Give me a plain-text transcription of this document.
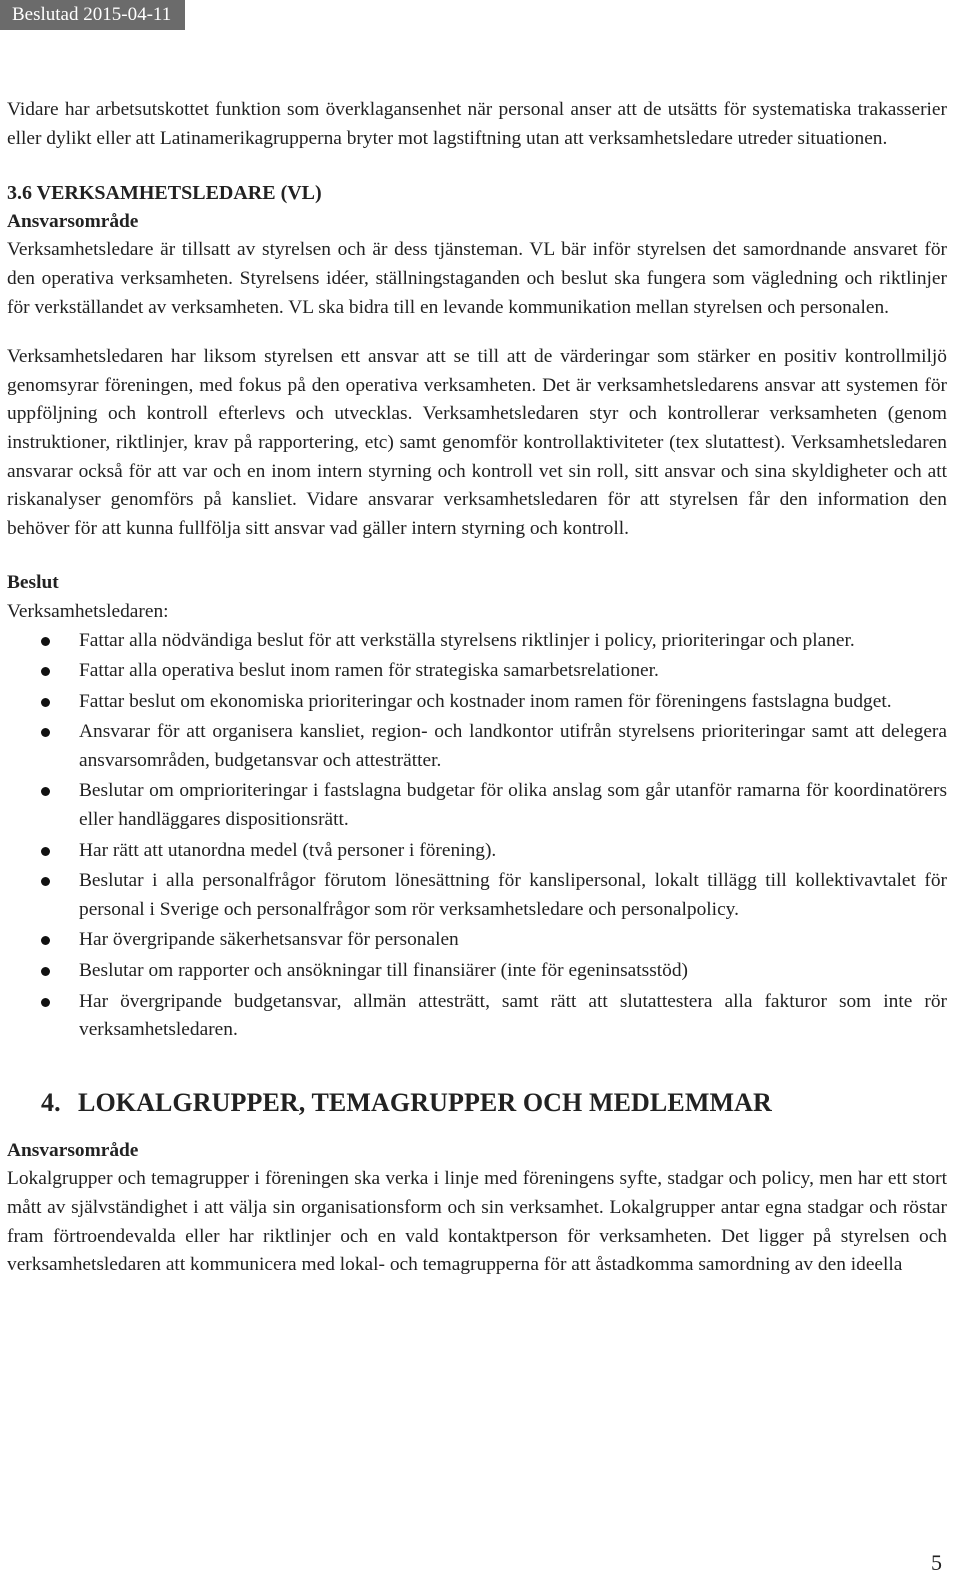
Beslutad 2015-04-11

Vidare har arbetsutskottet funktion som överklagansenhet när personal anser att de utsätts för systematiska trakasserier eller dylikt eller att Latinamerikagrupperna bryter mot lagstiftning utan att verksamhetsledare utreder situationen.

3.6 VERKSAMHETSLEDARE (VL)
Ansvarsområde

Verksamhetsledare är tillsatt av styrelsen och är dess tjänsteman. VL bär inför styrelsen det samordnande ansvaret för den operativa verksamheten. Styrelsens idéer, ställningstaganden och beslut ska fungera som vägledning och riktlinjer för verkställandet av verksamheten. VL ska bidra till en levande kommunikation mellan styrelsen och personalen.

Verksamhetsledaren har liksom styrelsen ett ansvar att se till att de värderingar som stärker en positiv kontrollmiljö genomsyrar föreningen, med fokus på den operativa verksamheten. Det är verksamhetsledarens ansvar att systemen för uppföljning och kontroll efterlevs och utvecklas. Verksamhetsledaren styr och kontrollerar verksamheten (genom instruktioner, riktlinjer, krav på rapportering, etc) samt genomför kontrollaktiviteter (tex slutattest). Verksamhetsledaren ansvarar också för att var och en inom intern styrning och kontroll vet sin roll, sitt ansvar och sina skyldigheter och att riskanalyser genomförs på kansliet. Vidare ansvarar verksamhetsledaren för att styrelsen får den information den behöver för att kunna fullfölja sitt ansvar vad gäller intern styrning och kontroll.

Beslut

Verksamhetsledaren:

Fattar alla nödvändiga beslut för att verkställa styrelsens riktlinjer i policy, prioriteringar och planer.
Fattar alla operativa beslut inom ramen för strategiska samarbetsrelationer.
Fattar beslut om ekonomiska prioriteringar och kostnader inom ramen för föreningens fastslagna budget.
Ansvarar för att organisera kansliet, region- och landkontor utifrån styrelsens prioriteringar samt att delegera ansvarsområden, budgetansvar och attesträtter.
Beslutar om omprioriteringar i fastslagna budgetar för olika anslag som går utanför ramarna för koordinatörers eller handläggares dispositionsrätt.
Har rätt att utanordna medel (två personer i förening).
Beslutar i alla personalfrågor förutom lönesättning för kanslipersonal, lokalt tillägg till kollektivavtalet för personal i Sverige och personalfrågor som rör verksamhetsledare och personalpolicy.
Har övergripande säkerhetsansvar för personalen
Beslutar om rapporter och ansökningar till finansiärer (inte för egeninsatsstöd)
Har övergripande budgetansvar, allmän attesträtt, samt rätt att slutattestera alla fakturor som inte rör verksamhetsledaren.
4. LOKALGRUPPER, TEMAGRUPPER OCH MEDLEMMAR
Ansvarsområde

Lokalgrupper och temagrupper i föreningen ska verka i linje med föreningens syfte, stadgar och policy, men har ett stort mått av självständighet i att välja sin organisationsform och sin verksamhet. Lokalgrupper antar egna stadgar och röstar fram förtroendevalda eller har riktlinjer och en vald kontaktperson för verksamheten. Det ligger på styrelsen och verksamhetsledaren att kommunicera med lokal- och temagrupperna för att åstadkomma samordning av den ideella

5
